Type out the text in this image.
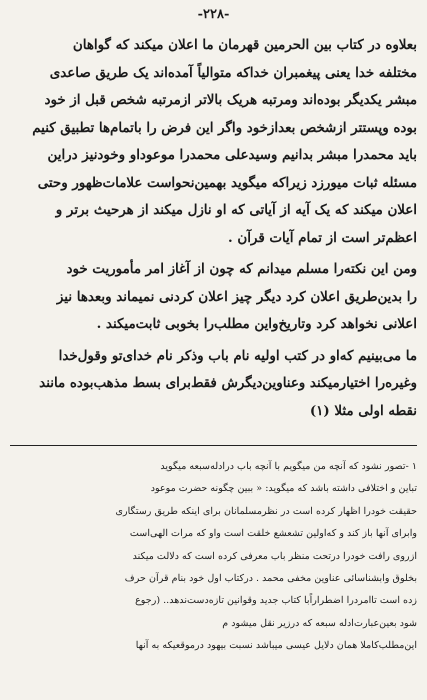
-۲۲۸-

بعلاوه در کتاب بین الحرمین قهرمان ما اعلان میکند که گواهان

مختلفه خدا یعنی پیغمبران خداکه متوالیاً آمده‌اند یک طریق صاعدی

مبشر یکدیگر بوده‌اند ومرتبه هریک بالاتر ازمرتبه شخص قبل از خود

بوده وپستتر ازشخص بعدازخود واگر این فرض را باتمام‌ها تطبیق کنیم

باید محمدرا مبشر بدانیم وسیدعلی محمدرا موعوداو وخودنیز دراین

مسئله ثبات میورزد زیراکه میگوید بهمین‌نحواست علامات‌ظهور وحتی

اعلان میکند که یک آیه از آیاتی که او نازل میکند از هرحیث برتر و

اعظم‌تر است از تمام آیات قرآن .

ومن این نکته‌را مسلم میدانم که چون از آغاز امر مأموریت خود

را بدین‌طریق اعلان کرد دیگر چیز اعلان کردنی نمیماند وبعدها نیز

اعلانی نخواهد کرد وتاریخ‌واین مطلب‌را بخوبی ثابت‌میکند .

ما می‌بینیم که‌او در کتب اولیه نام باب وذکر نام خدای‌تو وقول‌خدا

وغیره‌را اختیارمیکند وعناوین‌دیگرش فقط‌برای بسط مذهب‌بوده مانند

نقطه اولی مثلا (۱)

۱ -تصور نشود که آنچه من میگویم با آنچه باب درادله‌سبعه میگوید

تباین و اختلافی داشته باشد که میگوید: « ببین چگونه حضرت موعود

حقیقت خودرا اظهار کرده است در نظرمسلمانان برای اینکه طریق رستگاری

وابرای آنها باز کند و که‌اولین تشعشع خلقت است واو که مرات الهی‌است

ازروی رافت خودرا درتحت منظر باب معرفی کرده است که دلالت میکند

بخلوق وابشناسائی عناوین مخفی محمد . درکتاب اول خود بنام قرآن حرف

زده است تاامردرا اضطراراًبا کتاب جدید وقوانین تازه‌دست‌ندهد.. (رجوع

شود بعین‌عبارت‌ادله سبعه که درزیر نقل میشود م

این‌مطلب‌کاملا همان دلایل عیسی میباشد نسبت بیهود درموقعیکه به آنها
